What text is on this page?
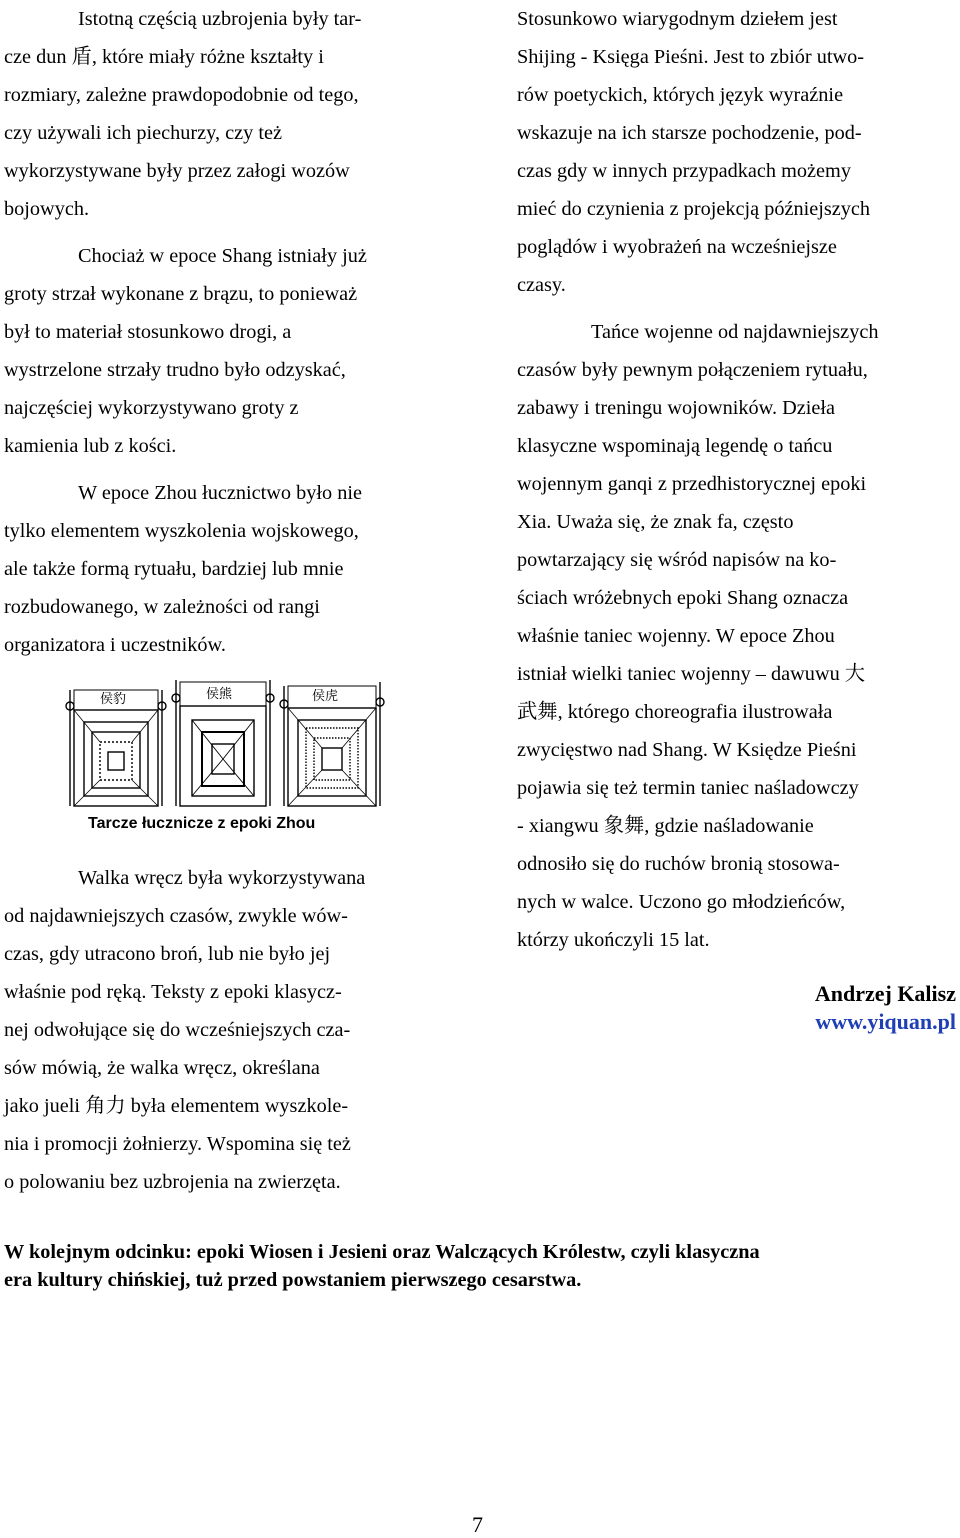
Istotną częścią uzbrojenia były tar-
cze dun 盾, które miały różne kształty i
rozmiary, zależne prawdopodobnie od tego,
czy używali ich piechurzy, czy też
wykorzystywane były przez załogi wozów
bojowych.
Chociaż w epoce Shang istniały już
groty strzał wykonane z brązu, to ponieważ
był to materiał stosunkowo drogi, a
wystrzelone strzały trudno było odzyskać,
najczęściej wykorzystywano groty z
kamienia lub z kości.
W epoce Zhou łucznictwo było nie
tylko elementem wyszkolenia wojskowego,
ale także formą rytuału, bardziej lub mnie
rozbudowanego, w zależności od rangi
organizatora i uczestników.
侯豹	侯熊	侯虎
Tarcze łucznicze z epoki Zhou
Walka wręcz była wykorzystywana
od najdawniejszych czasów, zwykle wów-
czas, gdy utracono broń, lub nie było jej
właśnie pod ręką. Teksty z epoki klasycz-
nej odwołujące się do wcześniejszych cza-
sów mówią, że walka wręcz, określana
jako jueli 角力 była elementem wyszkole-
nia i promocji żołnierzy. Wspomina się też
o polowaniu bez uzbrojenia na zwierzęta.
Stosunkowo wiarygodnym dziełem jest
Shijing - Księga Pieśni. Jest to zbiór utwo-
rów poetyckich, których język wyraźnie
wskazuje na ich starsze pochodzenie, pod-
czas gdy w innych przypadkach możemy
mieć do czynienia z projekcją późniejszych
poglądów i wyobrażeń na wcześniejsze
czasy.
Tańce wojenne od najdawniejszych
czasów były pewnym połączeniem rytuału,
zabawy i treningu wojowników. Dzieła
klasyczne wspominają legendę o tańcu
wojennym ganqi z przedhistorycznej epoki
Xia. Uważa się, że znak fa, często
powtarzający się wśród napisów na ko-
ściach wróżebnych epoki Shang oznacza
właśnie taniec wojenny. W epoce Zhou
istniał wielki taniec wojenny – dawuwu 大
武舞, którego choreografia ilustrowała
zwycięstwo nad Shang. W Księdze Pieśni
pojawia się też termin taniec naśladowczy
- xiangwu 象舞, gdzie naśladowanie
odnosiło się do ruchów bronią stosowa-
nych w walce. Uczono go młodzieńców,
którzy ukończyli 15 lat.
Andrzej Kalisz
www.yiquan.pl
W kolejnym odcinku: epoki Wiosen i Jesieni oraz Walczących Królestw, czyli klasyczna
era kultury chińskiej, tuż przed powstaniem pierwszego cesarstwa.
7
